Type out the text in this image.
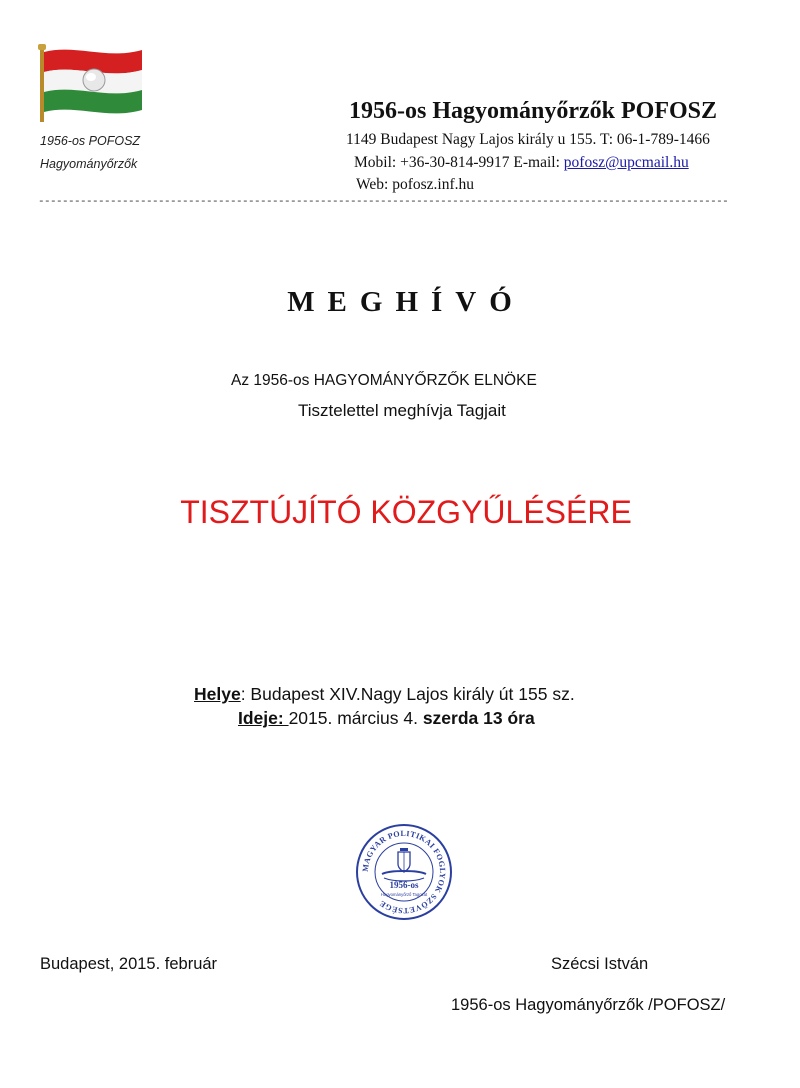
1956-os POFOSZ
Hagyományőrzők
1956-os Hagyományőrzők POFOSZ
1149 Budapest Nagy Lajos király u 155. T: 06-1-789-1466
Mobil: +36-30-814-9917 E-mail: pofosz@upcmail.hu
Web: pofosz.inf.hu
-------------------------------------------------------------------------------------------------------------------
MEGHÍVÓ
Az 1956-os HAGYOMÁNYŐRZŐK ELNÖKE
Tisztelettel meghívja Tagjait
TISZTÚJÍTÓ KÖZGYŰLÉSÉRE
Helye: Budapest XIV.Nagy Lajos király út 155 sz.
Ideje: 2015. március 4. szerda 13 óra
MAGYAR POLITIKAI FOGLYOK SZÖVETSÉGE
1956-os
Hagyományőrző Tagozat
Budapest, 2015. február	Szécsi István
1956-os Hagyományőrzők /POFOSZ/
